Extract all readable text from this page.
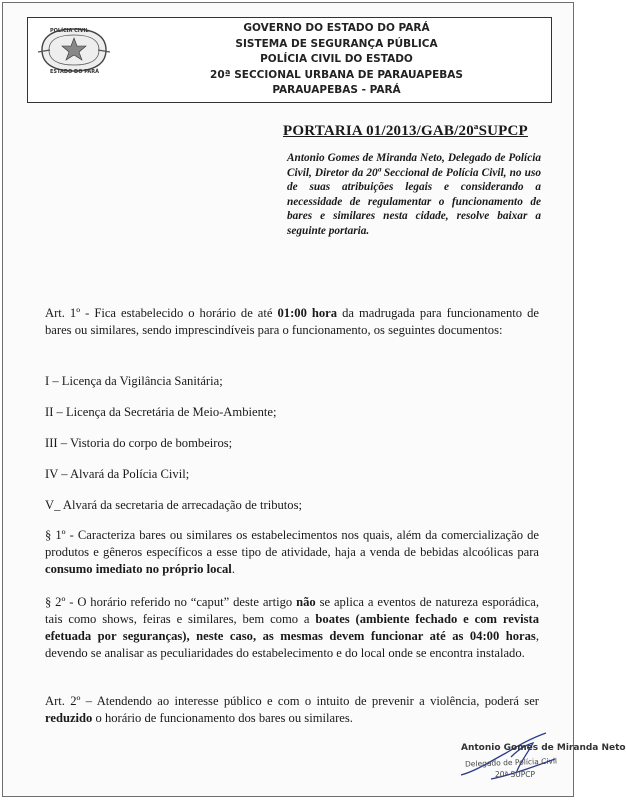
POLÍCIA CIVIL
ESTADO DO PARÁ
GOVERNO DO ESTADO DO PARÁ
SISTEMA DE SEGURANÇA PÚBLICA
POLÍCIA CIVIL DO ESTADO
20ª SECCIONAL URBANA DE PARAUAPEBAS
PARAUAPEBAS - PARÁ
PORTARIA 01/2013/GAB/20ªSUPCP
Antonio Gomes de Miranda Neto, Delegado de Polícia Civil, Diretor da 20ª Seccional de Polícia Civil, no uso de suas atribuições legais e considerando a necessidade de regulamentar o funcionamento de bares e similares nesta cidade, resolve baixar a seguinte portaria.
Art. 1º - Fica estabelecido o horário de até 01:00 hora da madrugada para funcionamento de bares ou similares, sendo imprescindíveis para o funcionamento, os seguintes documentos:
I – Licença da Vigilância Sanitária;
II – Licença da Secretária de Meio-Ambiente;
III – Vistoria do corpo de bombeiros;
IV – Alvará da Polícia Civil;
V_ Alvará da secretaria de arrecadação de tributos;
§ 1º - Caracteriza bares ou similares os estabelecimentos nos quais, além da comercialização de produtos e gêneros específicos a esse tipo de atividade, haja a venda de bebidas alcoólicas para consumo imediato no próprio local.
§ 2º - O horário referido no “caput” deste artigo não se aplica a eventos de natureza esporádica, tais como shows, feiras e similares, bem como a boates (ambiente fechado e com revista efetuada por seguranças), neste caso, as mesmas devem funcionar até as 04:00 horas, devendo se analisar as peculiaridades do estabelecimento e do local onde se encontra instalado.
Art. 2º – Atendendo ao interesse público e com o intuito de prevenir a violência, poderá ser reduzido o horário de funcionamento dos bares ou similares.
Antonio Gomes de Miranda Neto
Delegado de Polícia Civil
20ª SUPCP
